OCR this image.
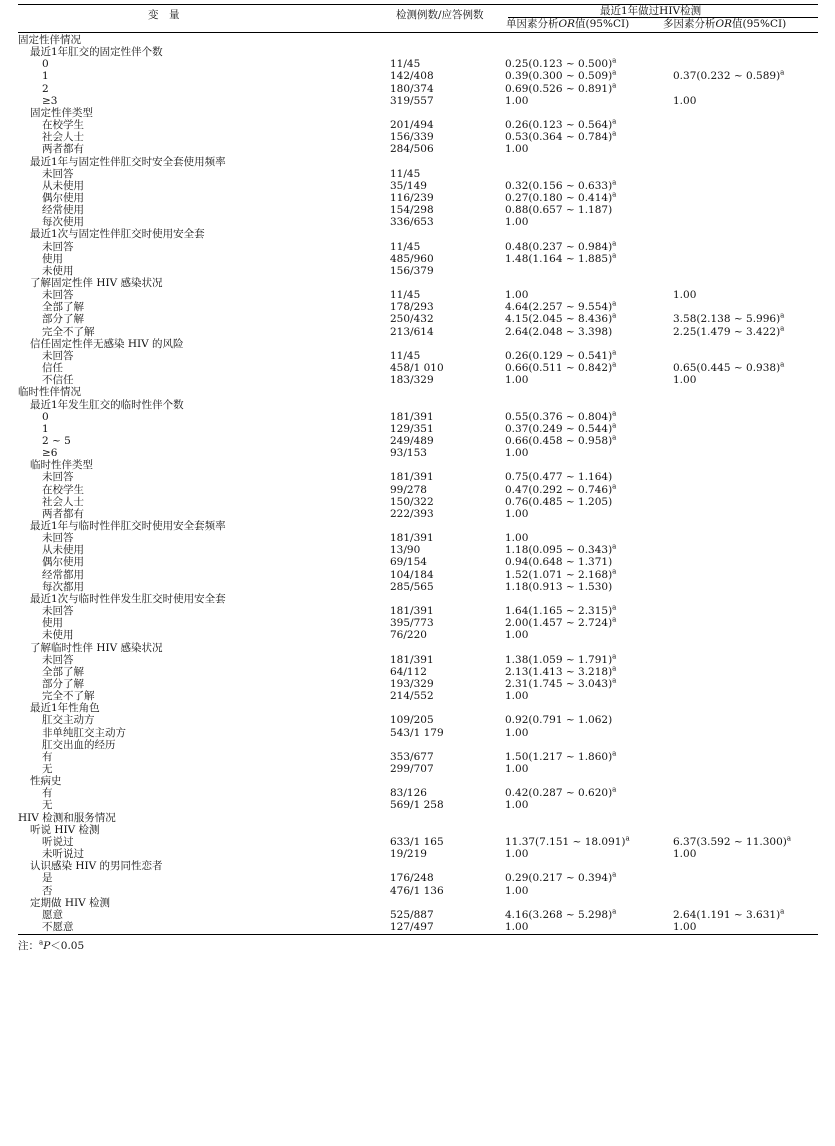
变　量	检测例数/应答例数	最近1年做过HIV检测
单因素分析OR值(95%CI)	多因素分析OR值(95%CI)
固定性伴情况
最近1年肛交的固定性伴个数
0	11/45	0.25(0.123 ~ 0.500)$^a$
1	142/408	0.39(0.300 ~ 0.509)$^a$	0.37(0.232 ~ 0.589)$^a$
2	180/374	0.69(0.526 ~ 0.891)$^a$
≥3	319/557	1.00	1.00
固定性伴类型
在校学生	201/494	0.26(0.123 ~ 0.564)$^a$
社会人士	156/339	0.53(0.364 ~ 0.784)$^a$
两者都有	284/506	1.00
最近1年与固定性伴肛交时安全套使用频率
未回答	11/45
从未使用	35/149	0.32(0.156 ~ 0.633)$^a$
偶尔使用	116/239	0.27(0.180 ~ 0.414)$^a$
经常使用	154/298	0.88(0.657 ~ 1.187)
每次使用	336/653	1.00
最近1次与固定性伴肛交时使用安全套
未回答	11/45	0.48(0.237 ~ 0.984)$^a$
使用	485/960	1.48(1.164 ~ 1.885)$^a$
未使用	156/379
了解固定性伴 HIV 感染状况
未回答	11/45	1.00	1.00
全部了解	178/293	4.64(2.257 ~ 9.554)$^a$
部分了解	250/432	4.15(2.045 ~ 8.436)$^a$	3.58(2.138 ~ 5.996)$^a$
完全不了解	213/614	2.64(2.048 ~ 3.398)	2.25(1.479 ~ 3.422)$^a$
信任固定性伴无感染 HIV 的风险
未回答	11/45	0.26(0.129 ~ 0.541)$^a$
信任	458/1 010	0.66(0.511 ~ 0.842)$^a$	0.65(0.445 ~ 0.938)$^a$
不信任	183/329	1.00	1.00
临时性伴情况
最近1年发生肛交的临时性伴个数
0	181/391	0.55(0.376 ~ 0.804)$^a$
1	129/351	0.37(0.249 ~ 0.544)$^a$
2 ~ 5	249/489	0.66(0.458 ~ 0.958)$^a$
≥6	93/153	1.00
临时性伴类型
未回答	181/391	0.75(0.477 ~ 1.164)
在校学生	99/278	0.47(0.292 ~ 0.746)$^a$
社会人士	150/322	0.76(0.485 ~ 1.205)
两者都有	222/393	1.00
最近1年与临时性伴肛交时使用安全套频率
未回答	181/391	1.00
从未使用	13/90	1.18(0.095 ~ 0.343)$^a$
偶尔使用	69/154	0.94(0.648 ~ 1.371)
经常都用	104/184	1.52(1.071 ~ 2.168)$^a$
每次都用	285/565	1.18(0.913 ~ 1.530)
最近1次与临时性伴发生肛交时使用安全套
未回答	181/391	1.64(1.165 ~ 2.315)$^a$
使用	395/773	2.00(1.457 ~ 2.724)$^a$
未使用	76/220	1.00
了解临时性伴 HIV 感染状况
未回答	181/391	1.38(1.059 ~ 1.791)$^a$
全部了解	64/112	2.13(1.413 ~ 3.218)$^a$
部分了解	193/329	2.31(1.745 ~ 3.043)$^a$
完全不了解	214/552	1.00
最近1年性角色
肛交主动方	109/205	0.92(0.791 ~ 1.062)
非单纯肛交主动方	543/1 179	1.00
肛交出血的经历
有	353/677	1.50(1.217 ~ 1.860)$^a$
无	299/707	1.00
性病史
有	83/126	0.42(0.287 ~ 0.620)$^a$
无	569/1 258	1.00
HIV 检测和服务情况
听说 HIV 检测
听说过	633/1 165	11.37(7.151 ~ 18.091)$^a$	6.37(3.592 ~ 11.300)$^a$
未听说过	19/219	1.00	1.00
认识感染 HIV 的男同性恋者
是	176/248	0.29(0.217 ~ 0.394)$^a$
否	476/1 136	1.00
定期做 HIV 检测
愿意	525/887	4.16(3.268 ~ 5.298)$^a$	2.64(1.191 ~ 3.631)$^a$
不愿意	127/497	1.00	1.00
注：$^a$P＜0.05
